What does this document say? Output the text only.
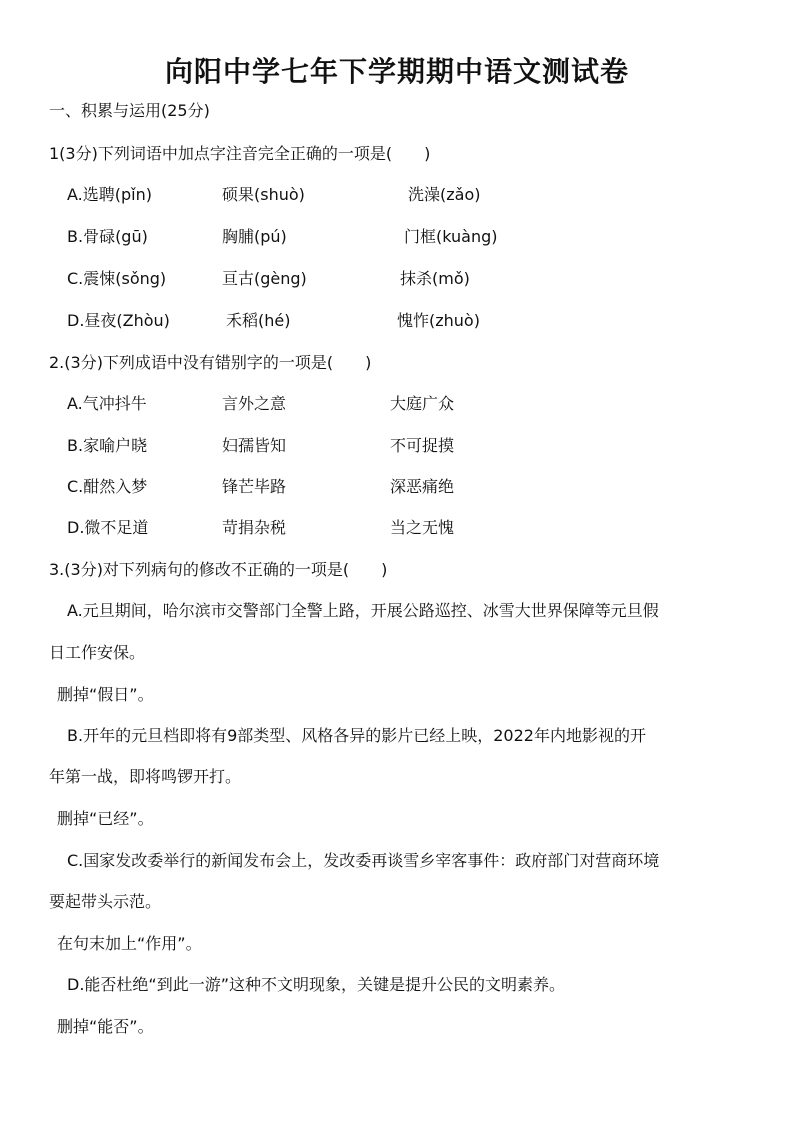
向阳中学七年下学期期中语文测试卷
一、积累与运用(25分)
1(3分)下列词语中加点字注音完全正确的一项是(　　)
A.选聘(pǐn)	硕果(shuò)	洗澡(zǎo)
B.骨碌(gū)	胸脯(pú)	门框(kuàng)
C.震悚(sǒng)	亘古(gèng)	抹杀(mǒ)
D.昼夜(Zhòu)	禾稻(hé)	愧怍(zhuò)
2.(3分)下列成语中没有错别字的一项是(　　)
A.气冲抖牛	言外之意	大庭广众
B.家喻户晓	妇孺皆知	不可捉摸
C.酣然入梦	锋芒毕路	深恶痛绝
D.微不足道	苛捐杂税	当之无愧
3.(3分)对下列病句的修改不正确的一项是(　　)
A.元旦期间，哈尔滨市交警部门全警上路，开展公路巡控、冰雪大世界保障等元旦假
日工作安保。
删掉“假日”。
B.开年的元旦档即将有9部类型、风格各异的影片已经上映，2022年内地影视的开
年第一战，即将鸣锣开打。
删掉“已经”。
C.国家发改委举行的新闻发布会上，发改委再谈雪乡宰客事件：政府部门对营商环境
要起带头示范。
在句末加上“作用”。
D.能否杜绝“到此一游”这种不文明现象，关键是提升公民的文明素养。
删掉“能否”。
